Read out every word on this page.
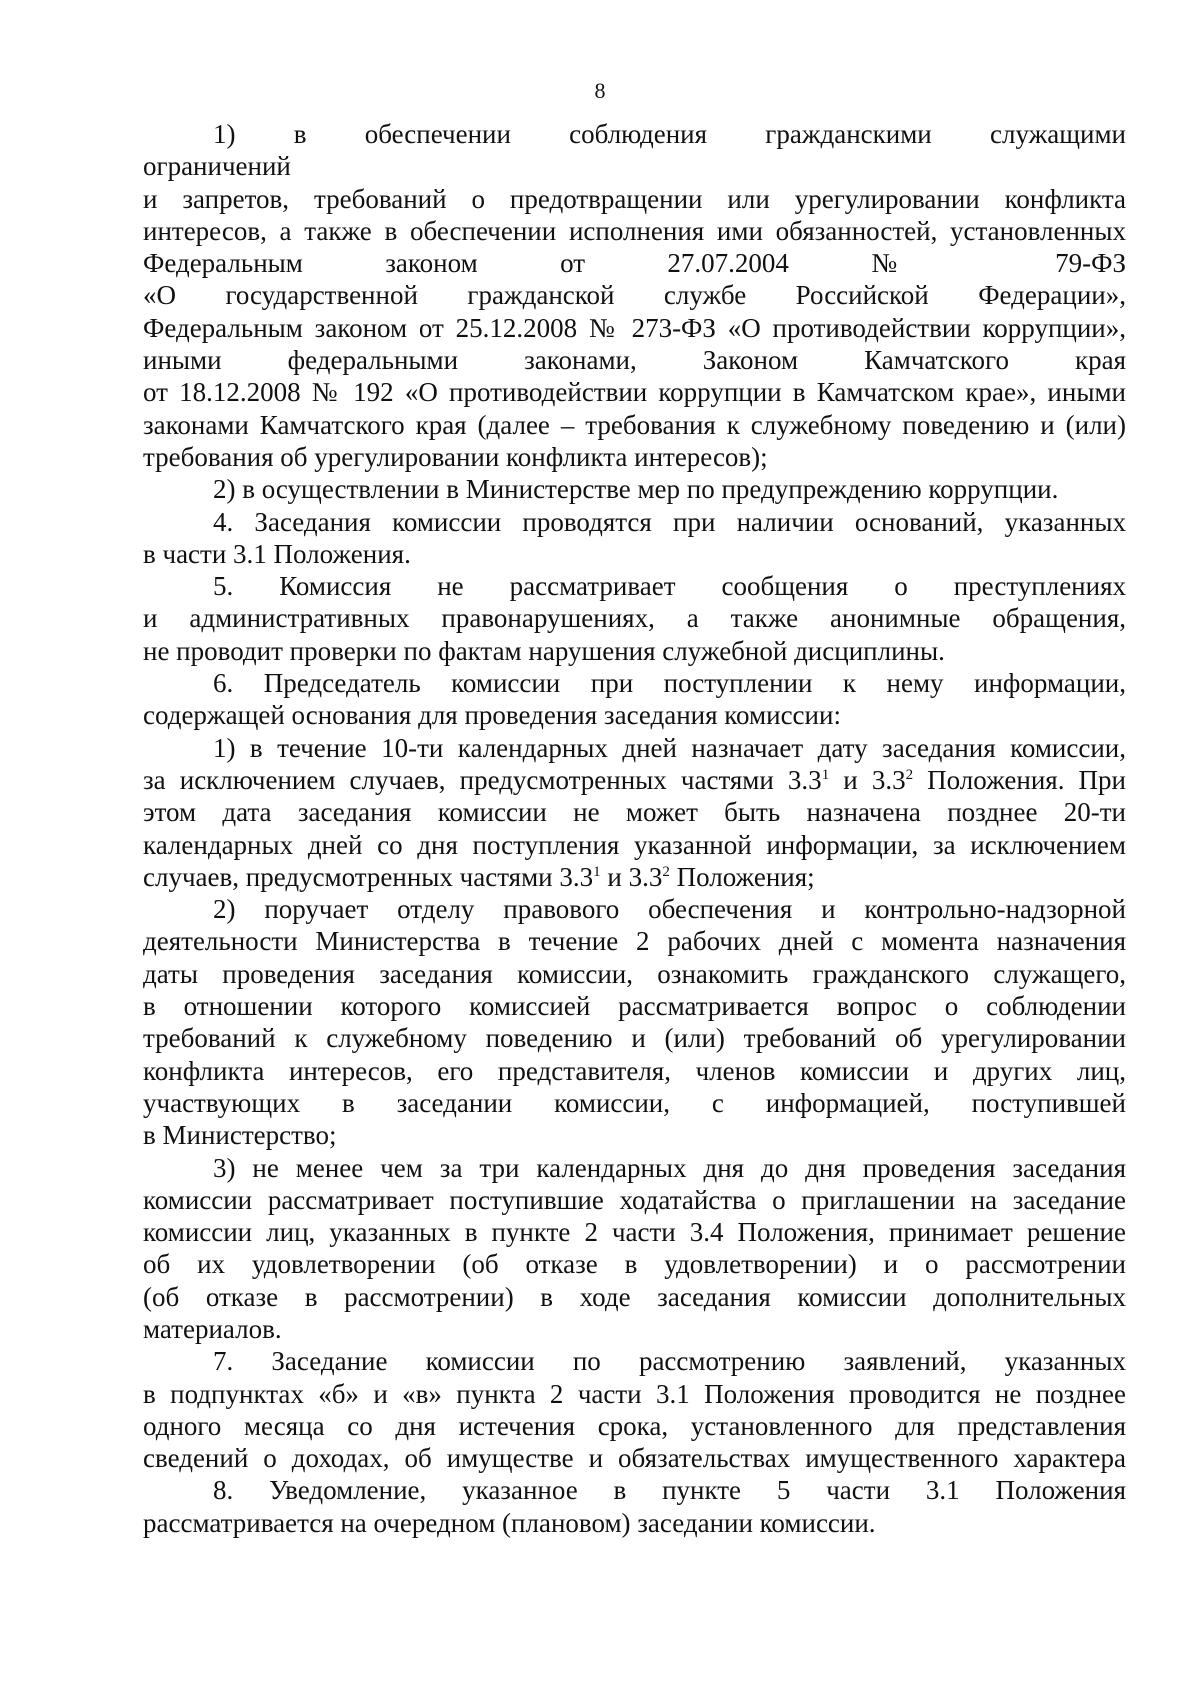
8
1) в обеспечении соблюдения гражданскими служащими
ограничений
и запретов, требований о предотвращении или урегулировании конфликта
интересов, а также в обеспечении исполнения ими обязанностей, установленных
Федеральным законом от 27.07.2004 № 79-ФЗ
«О государственной гражданской службе Российской Федерации»,
Федеральным законом от 25.12.2008 № 273-ФЗ «О противодействии коррупции»,
иными федеральными законами, Законом Камчатского края
от 18.12.2008 № 192 «О противодействии коррупции в Камчатском крае», иными
законами Камчатского края (далее – требования к служебному поведению и (или)
требования об урегулировании конфликта интересов);
2) в осуществлении в Министерстве мер по предупреждению коррупции.
4. Заседания комиссии проводятся при наличии оснований, указанных
в части 3.1 Положения.
5. Комиссия не рассматривает сообщения о преступлениях
и административных правонарушениях, а также анонимные обращения,
не проводит проверки по фактам нарушения служебной дисциплины.
6. Председатель комиссии при поступлении к нему информации,
содержащей основания для проведения заседания комиссии:
1) в течение 10-ти календарных дней назначает дату заседания комиссии,
за исключением случаев, предусмотренных частями $3.3^1$ и $3.3^2$ Положения. При
этом дата заседания комиссии не может быть назначена позднее 20-ти
календарных дней со дня поступления указанной информации, за исключением
случаев, предусмотренных частями $3.3^1$ и $3.3^2$ Положения;
2) поручает отделу правового обеспечения и контрольно-надзорной
деятельности Министерства в течение 2 рабочих дней с момента назначения
даты проведения заседания комиссии, ознакомить гражданского служащего,
в отношении которого комиссией рассматривается вопрос о соблюдении
требований к служебному поведению и (или) требований об урегулировании
конфликта интересов, его представителя, членов комиссии и других лиц,
участвующих в заседании комиссии, с информацией, поступившей
в Министерство;
3) не менее чем за три календарных дня до дня проведения заседания
комиссии рассматривает поступившие ходатайства о приглашении на заседание
комиссии лиц, указанных в пункте 2 части 3.4 Положения, принимает решение
об их удовлетворении (об отказе в удовлетворении) и о рассмотрении
(об отказе в рассмотрении) в ходе заседания комиссии дополнительных
материалов.
7. Заседание комиссии по рассмотрению заявлений, указанных
в подпунктах «б» и «в» пункта 2 части 3.1 Положения проводится не позднее
одного месяца со дня истечения срока, установленного для представления
сведений о доходах, об имуществе и обязательствах имущественного характера
8. Уведомление, указанное в пункте 5 части 3.1 Положения
рассматривается на очередном (плановом) заседании комиссии.
